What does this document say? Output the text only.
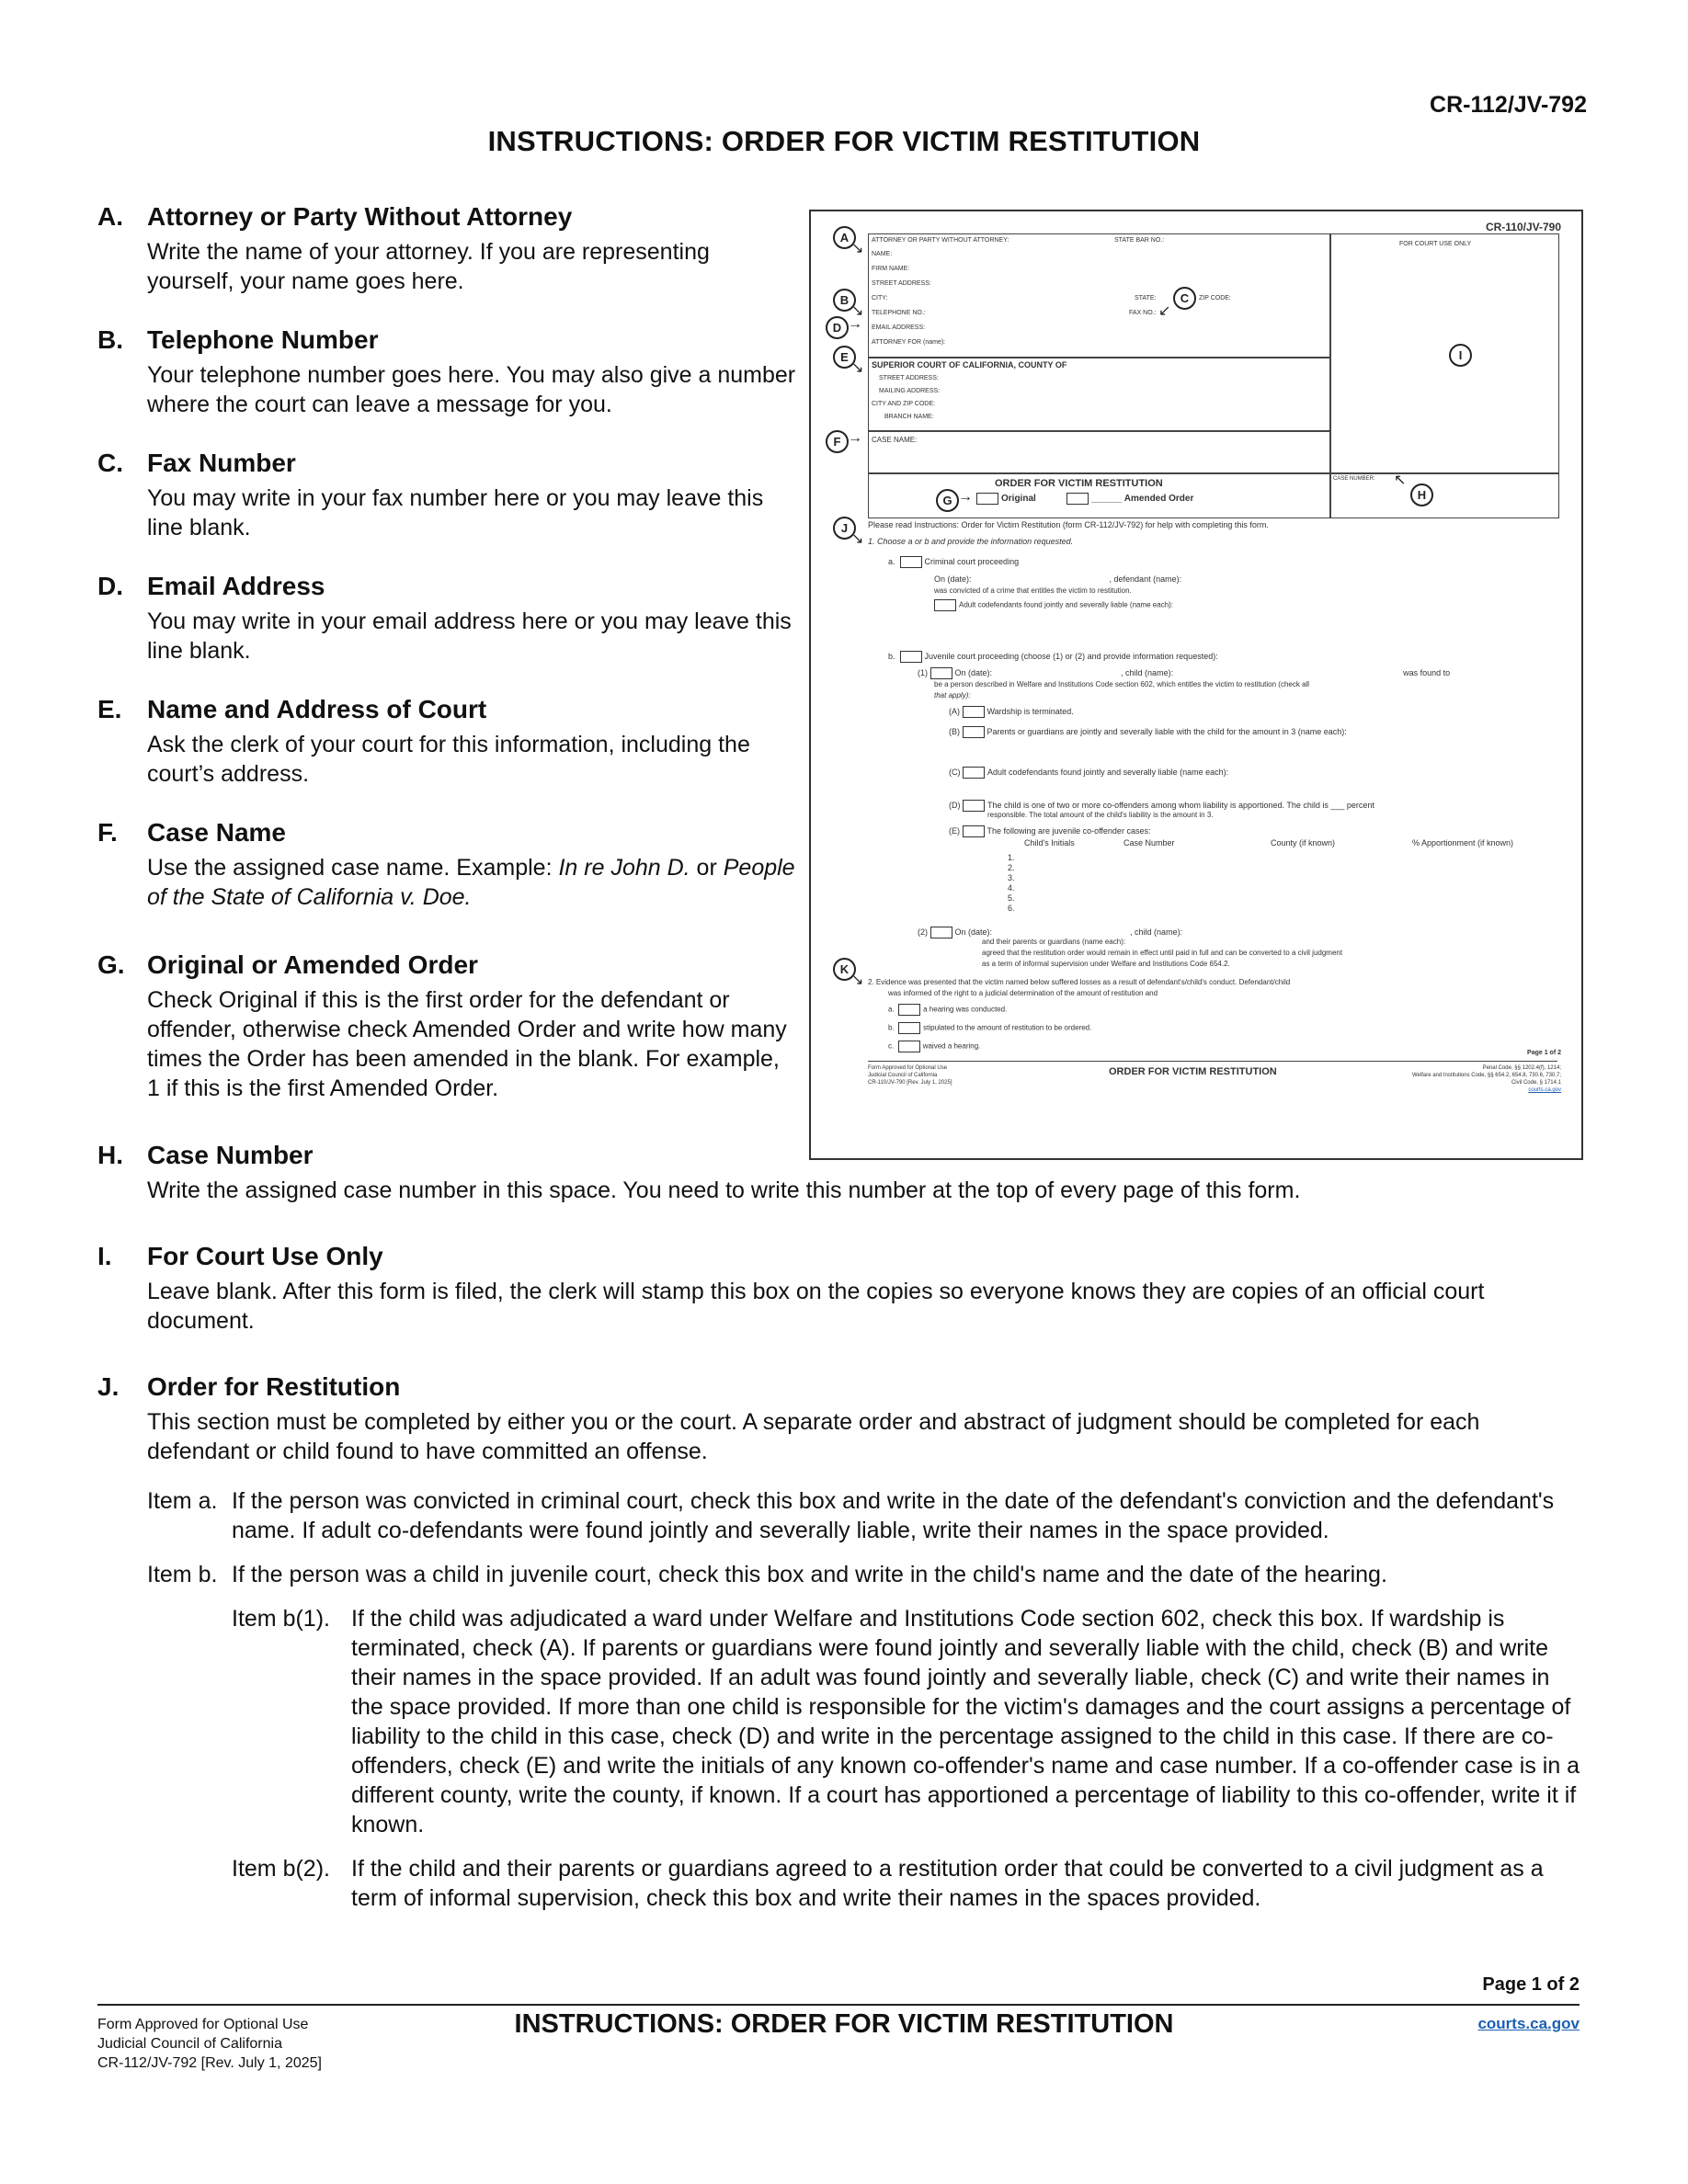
CR-112/JV-792
INSTRUCTIONS: ORDER FOR VICTIM RESTITUTION
A. Attorney or Party Without Attorney
Write the name of your attorney. If you are representing yourself, your name goes here.
B. Telephone Number
Your telephone number goes here. You may also give a number where the court can leave a message for you.
C. Fax Number
You may write in your fax number here or you may leave this line blank.
D. Email Address
You may write in your email address here or you may leave this line blank.
E. Name and Address of Court
Ask the clerk of your court for this information, including the court’s address.
F.	Case Name
Use the assigned case name. Example: In re John D. or People of the State of California v. Doe.
G. Original or Amended Order
Check Original if this is the first order for the defendant or offender, otherwise check Amended Order and write how many times the Order has been amended in the blank. For example, 1 if this is the first Amended Order.
H. Case Number
Write the assigned case number in this space. You need to write this number at the top of every page of this form.
I.	For Court Use Only
Leave blank. After this form is filed, the clerk will stamp this box on the copies so everyone knows they are copies of an official court document.
J.	Order for Restitution
This section must be completed by either you or the court. A separate order and abstract of judgment should be completed for each defendant or child found to have committed an offense.
Item a. If the person was convicted in criminal court, check this box and write in the date of the defendant's conviction and the defendant's name. If adult co-defendants were found jointly and severally liable, write their names in the space provided.
Item b. If the person was a child in juvenile court, check this box and write in the child's name and the date of the hearing.
Item b(1). If the child was adjudicated a ward under Welfare and Institutions Code section 602, check this box. If wardship is terminated, check (A). If parents or guardians were found jointly and severally liable with the child, check (B) and write their names in the space provided. If an adult was found jointly and severally liable, check (C) and write their names in the space provided. If more than one child is responsible for the victim's damages and the court assigns a percentage of liability to the child in this case, check (D) and write in the percentage assigned to the child in this case. If there are co-offenders, check (E) and write the initials of any known co-offender's name and case number. If a co-offender case is in a different county, write the county, if known. If a court has apportioned a percentage of liability to this co-offender, write it if known.
Item b(2). If the child and their parents or guardians agreed to a restitution order that could be converted to a civil judgment as a term of informal supervision, check this box and write their names in the spaces provided.
CR-110/JV-790
ATTORNEY OR PARTY WITHOUT ATTORNEY:	STATE BAR NO.:
FOR COURT USE ONLY
NAME:
FIRM NAME:
STREET ADDRESS:
CITY:	STATE:	ZIP CODE:
TELEPHONE NO.:	FAX NO.:
EMAIL ADDRESS:
ATTORNEY FOR (name):
SUPERIOR COURT OF CALIFORNIA, COUNTY OF
STREET ADDRESS:
MAILING ADDRESS:
CITY AND ZIP CODE:
BRANCH NAME:
CASE NAME:
ORDER FOR VICTIM RESTITUTION
Original	______ Amended Order
CASE NUMBER:
Please read Instructions: Order for Victim Restitution (form CR-112/JV-792) for help with completing this form.
1. Choose a or b and provide the information requested.
a.	Criminal court proceeding
On (date):	, defendant (name):
was convicted of a crime that entitles the victim to restitution.
Adult codefendants found jointly and severally liable (name each):
b.	Juvenile court proceeding (choose (1) or (2) and provide information requested):
(1)	On (date):	, child (name):	was found to
be a person described in Welfare and Institutions Code section 602, which entitles the victim to restitution (check all
that apply):
(A)	Wardship is terminated.
(B)	Parents or guardians are jointly and severally liable with the child for the amount in 3 (name each):
(C)	Adult codefendants found jointly and severally liable (name each):
(D)	The child is one of two or more co-offenders among whom liability is apportioned. The child is ___ percent
responsible. The total amount of the child's liability is the amount in 3.
(E)	The following are juvenile co-offender cases:
Child's Initials	Case Number	County (if known)	% Apportionment (if known)
1.
2.
3.
4.
5.
6.
(2)	On (date):	, child (name):
and their parents or guardians (name each):
agreed that the restitution order would remain in effect until paid in full and can be converted to a civil judgment
as a term of informal supervision under Welfare and Institutions Code 654.2.
2. Evidence was presented that the victim named below suffered losses as a result of defendant's/child's conduct. Defendant/child
was informed of the right to a judicial determination of the amount of restitution and
a.	a hearing was conducted.
b.	stipulated to the amount of restitution to be ordered.
c.	waived a hearing.
Page 1 of 2
Form Approved for Optional Use
Judicial Council of California
CR-110/JV-790 [Rev. July 1, 2025]
ORDER FOR VICTIM RESTITUTION	Penal Code, §§ 1202.4(f), 1214;
Welfare and Institutions Code, §§ 654.2, 654.8, 730.6, 730.7;
Civil Code, § 1714.1
courts.ca.gov
A
↘
B
↘
C
↙
D →
E
↘
I
F →
G →	H
↖
J
↘
K
↘
Page 1 of 2
Form Approved for Optional Use
Judicial Council of California
CR-112/JV-792 [Rev. July 1, 2025]
INSTRUCTIONS: ORDER FOR VICTIM RESTITUTION	courts.ca.gov
